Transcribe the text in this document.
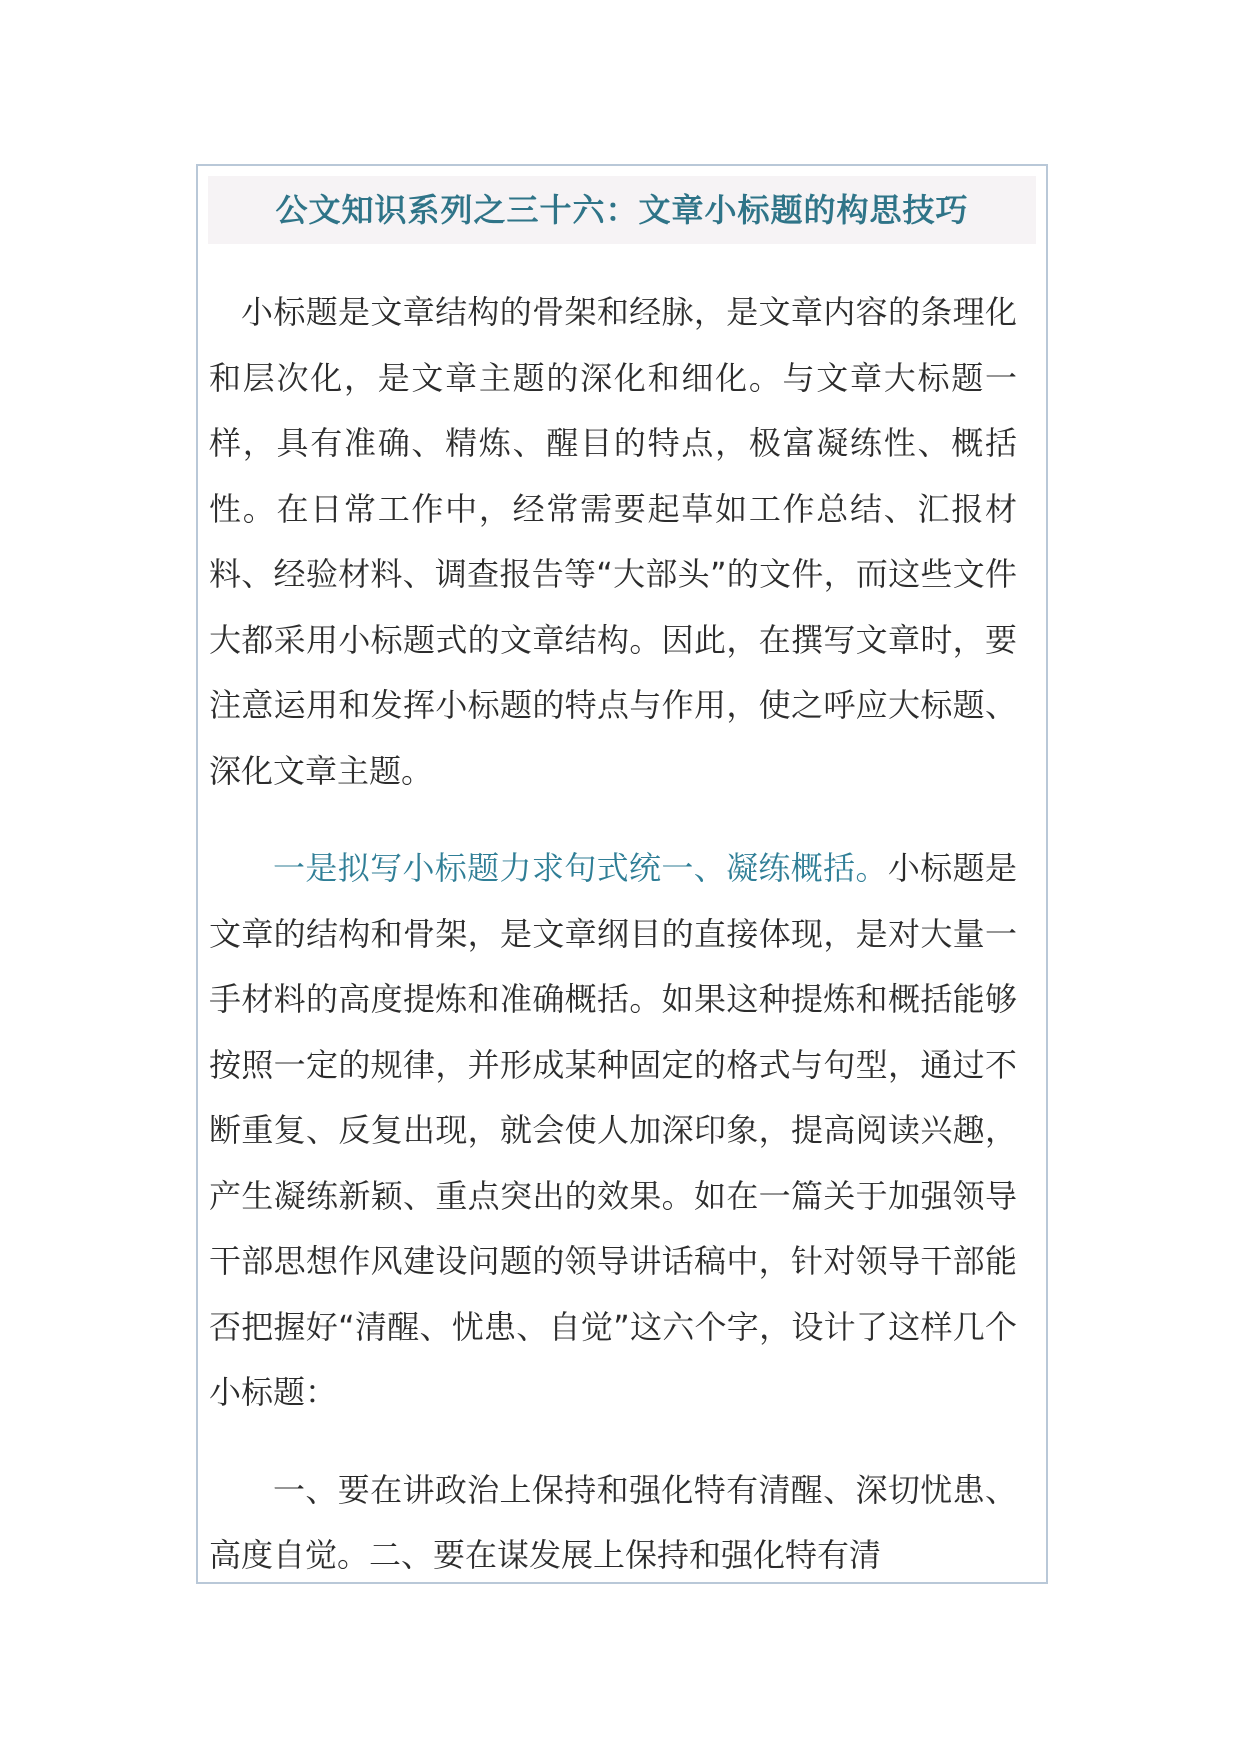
公文知识系列之三十六：文章小标题的构思技巧

小标题是文章结构的骨架和经脉，是文章内容的条理化和层次化，是文章主题的深化和细化。与文章大标题一样，具有准确、精炼、醒目的特点，极富凝练性、概括性。在日常工作中，经常需要起草如工作总结、汇报材料、经验材料、调查报告等“大部头”的文件，而这些文件大都采用小标题式的文章结构。因此，在撰写文章时，要注意运用和发挥小标题的特点与作用，使之呼应大标题、深化文章主题。

一是拟写小标题力求句式统一、凝练概括。小标题是文章的结构和骨架，是文章纲目的直接体现，是对大量一手材料的高度提炼和准确概括。如果这种提炼和概括能够按照一定的规律，并形成某种固定的格式与句型，通过不断重复、反复出现，就会使人加深印象，提高阅读兴趣，产生凝练新颖、重点突出的效果。如在一篇关于加强领导干部思想作风建设问题的领导讲话稿中，针对领导干部能否把握好“清醒、忧患、自觉”这六个字，设计了这样几个小标题：

一、要在讲政治上保持和强化特有清醒、深切忧患、高度自觉。二、要在谋发展上保持和强化特有清
